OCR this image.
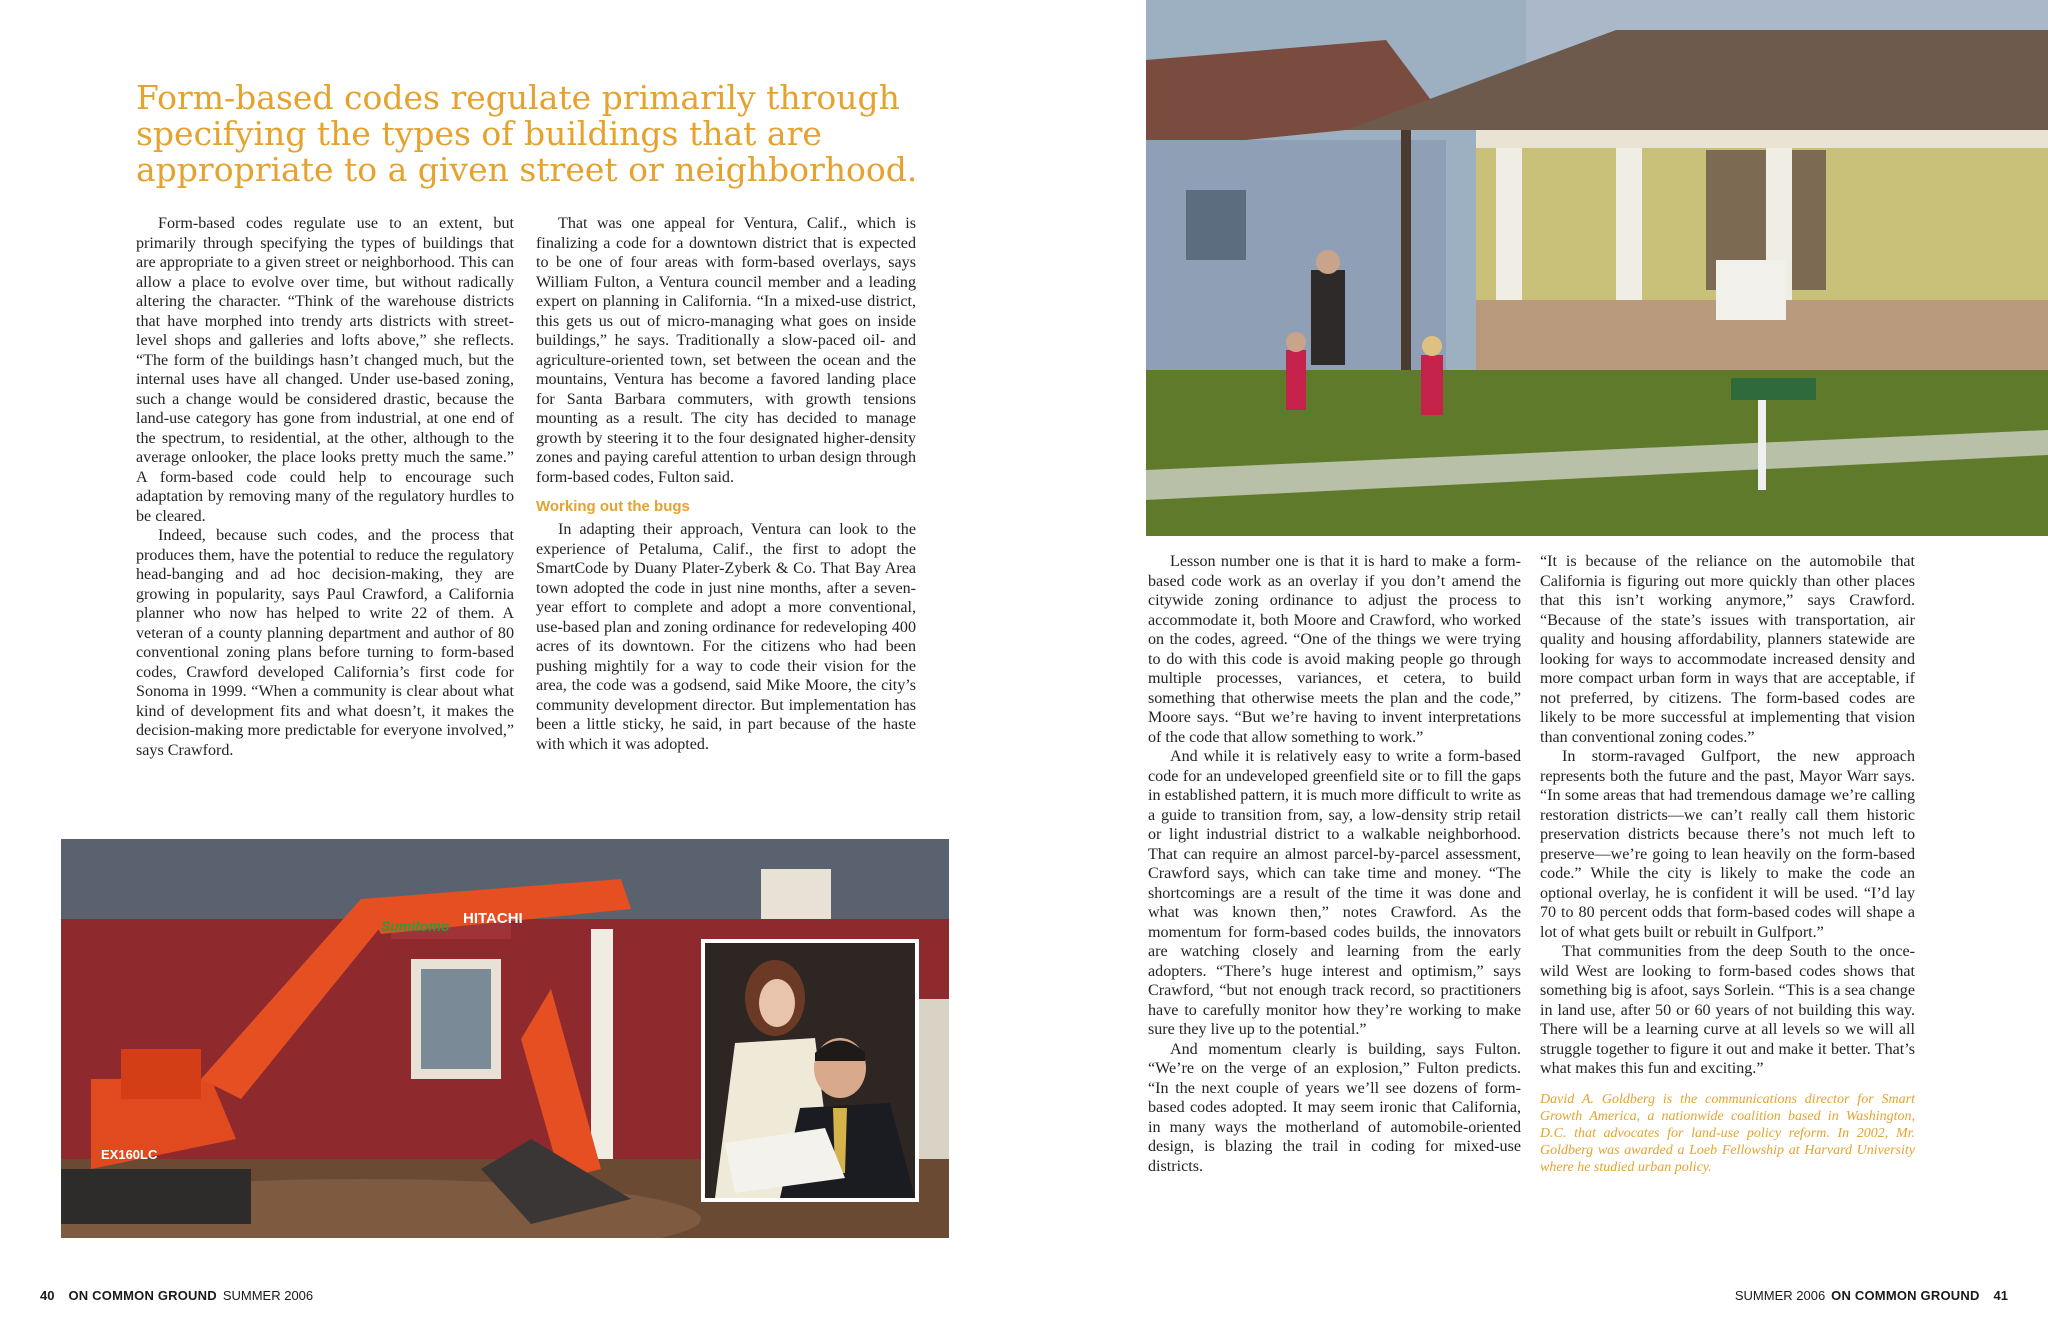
Form-based codes regulate primarily through specifying the types of buildings that are appropriate to a given street or neighborhood.

Form-based codes regulate use to an extent, but primarily through specifying the types of buildings that are appropriate to a given street or neighborhood. This can allow a place to evolve over time, but without radically altering the character. “Think of the warehouse districts that have morphed into trendy arts districts with street-level shops and galleries and lofts above,” she reflects. “The form of the buildings hasn’t changed much, but the internal uses have all changed. Under use-based zoning, such a change would be considered drastic, because the land-use category has gone from industrial, at one end of the spectrum, to residential, at the other, although to the average onlooker, the place looks pretty much the same.” A form-based code could help to encourage such adaptation by removing many of the regulatory hurdles to be cleared.

Indeed, because such codes, and the process that produces them, have the potential to reduce the regulatory head-banging and ad hoc decision-making, they are growing in popularity, says Paul Crawford, a California planner who now has helped to write 22 of them. A veteran of a county planning department and author of 80 conventional zoning plans before turning to form-based codes, Crawford developed California’s first code for Sonoma in 1999. “When a community is clear about what kind of development fits and what doesn’t, it makes the decision-making more predictable for everyone involved,” says Crawford.

That was one appeal for Ventura, Calif., which is finalizing a code for a downtown district that is expected to be one of four areas with form-based overlays, says William Fulton, a Ventura council member and a leading expert on planning in California. “In a mixed-use district, this gets us out of micro-managing what goes on inside buildings,” he says. Traditionally a slow-paced oil- and agriculture-oriented town, set between the ocean and the mountains, Ventura has become a favored landing place for Santa Barbara commuters, with growth tensions mounting as a result. The city has decided to manage growth by steering it to the four designated higher-density zones and paying careful attention to urban design through form-based codes, Fulton said.

Working out the bugs

In adapting their approach, Ventura can look to the experience of Petaluma, Calif., the first to adopt the SmartCode by Duany Plater-Zyberk & Co. That Bay Area town adopted the code in just nine months, after a seven-year effort to complete and adopt a more conventional, use-based plan and zoning ordinance for redeveloping 400 acres of its downtown. For the citizens who had been pushing mightily for a way to code their vision for the area, the code was a godsend, said Mike Moore, the city’s community development director. But implementation has been a little sticky, he said, in part because of the haste with which it was adopted.

HITACHI
Sumitomo
EX160LC

Lesson number one is that it is hard to make a form-based code work as an overlay if you don’t amend the citywide zoning ordinance to adjust the process to accommodate it, both Moore and Crawford, who worked on the codes, agreed. “One of the things we were trying to do with this code is avoid making people go through multiple processes, variances, et cetera, to build something that otherwise meets the plan and the code,” Moore says. “But we’re having to invent interpretations of the code that allow something to work.”

And while it is relatively easy to write a form-based code for an undeveloped greenfield site or to fill the gaps in established pattern, it is much more difficult to write as a guide to transition from, say, a low-density strip retail or light industrial district to a walkable neighborhood. That can require an almost parcel-by-parcel assessment, Crawford says, which can take time and money. “The shortcomings are a result of the time it was done and what was known then,” notes Crawford. As the momentum for form-based codes builds, the innovators are watching closely and learning from the early adopters. “There’s huge interest and optimism,” says Crawford, “but not enough track record, so practitioners have to carefully monitor how they’re working to make sure they live up to the potential.”

And momentum clearly is building, says Fulton. “We’re on the verge of an explosion,” Fulton predicts. “In the next couple of years we’ll see dozens of form-based codes adopted. It may seem ironic that California, in many ways the motherland of automobile-oriented design, is blazing the trail in coding for mixed-use districts.

“It is because of the reliance on the automobile that California is figuring out more quickly than other places that this isn’t working anymore,” says Crawford. “Because of the state’s issues with transportation, air quality and housing affordability, planners statewide are looking for ways to accommodate increased density and more compact urban form in ways that are acceptable, if not preferred, by citizens. The form-based codes are likely to be more successful at implementing that vision than conventional zoning codes.”

In storm-ravaged Gulfport, the new approach represents both the future and the past, Mayor Warr says. “In some areas that had tremendous damage we’re calling restoration districts—we can’t really call them historic preservation districts because there’s not much left to preserve—we’re going to lean heavily on the form-based code.” While the city is likely to make the code an optional overlay, he is confident it will be used. “I’d lay 70 to 80 percent odds that form-based codes will shape a lot of what gets built or rebuilt in Gulfport.”

That communities from the deep South to the once-wild West are looking to form-based codes shows that something big is afoot, says Sorlein. “This is a sea change in land use, after 50 or 60 years of not building this way. There will be a learning curve at all levels so we will all struggle together to figure it out and make it better. That’s what makes this fun and exciting.”

David A. Goldberg is the communications director for Smart Growth America, a nationwide coalition based in Washington, D.C. that advocates for land-use policy reform. In 2002, Mr. Goldberg was awarded a Loeb Fellowship at Harvard University where he studied urban policy.
40 ON COMMON GROUND SUMMER 2006	SUMMER 2006 ON COMMON GROUND 41
